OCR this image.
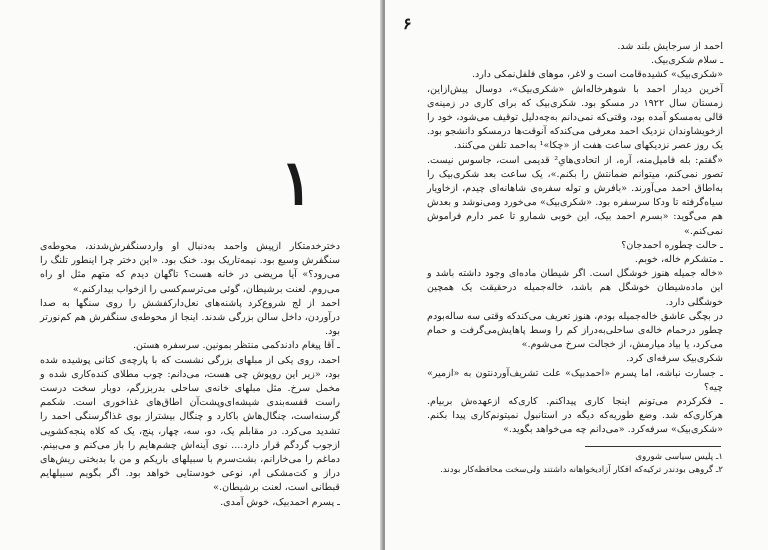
۱

دخترخدمتکار ازپیش واحمد به‌دنبال او واردسنگفرش‌شدند، محوطه‌ی سنگفرش وسیع بود. نیمه‌تاریک بود. خنک بود. «این دختر چرا اینطور تلنگ را می‌رود؟» آیا مریضی در خانه هست؟ تاگهان دیدم که متهم مثل او راه می‌روم. لعنت برشیطان، گوئی می‌ترسم‌کسی را ازخواب بیدارکنم.»

احمد از لج شروع‌کرد پاشنه‌های نعل‌دارکفشش را روی سنگها به صدا درآوردن، داخل سالن بزرگی شدند. اینجا از محوطه‌ی سنگفرش هم کم‌نورتر بود.

ـ آقا پیغام دادندکمی منتظر بمونین. سرسفره هستن.

احمد، روی یکی از مبلهای بزرگی نشست که با پارچه‌ی کتانی پوشیده شده بود، «زیر این روپوش چی هست، می‌دانم: چوب مطلای کنده‌کاری شده و مخمل سرخ. مثل مبلهای خانه‌ی ساحلی بدربزرگم، دوبار سخت درست راست قفسه‌بندی شیشه‌ای‌وپشت‌آن اطاق‌های غذاخوری است. شکمم گرسنه‌است، چنگال‌هاش باکارد و چنگال بیشتراز بوی غذاگرسنگی احمد را تشدید می‌کرد. در مقابلم یک، دو، سه، چهار، پنج، یک که کلاه پنجه‌کشویی ازجوب گردگم قرار دارد.... نوی آینه‌اش چشم‌هایم را باز می‌کنم و می‌بینم. دماغم را می‌خارانم، بشت‌سرم با سبیلهای باریکم و من با بدبختی ریش‌های دراز و کت‌مشکی ام، نوعی خودستایی خواهد بود. اگر بگویم سبیلهایم قبطانی است، لعنت برشیطان.»

ـ پسرم احمدبیک، خوش آمدی.

۶

احمد از سرجایش بلند شد.

ـ سلام شکری‌بیک.

«شکری‌بیک» کشیده‌قامت است و لاغر، موهای فلفل‌نمکی دارد.

آخرین دیدار احمد با شوهرخاله‌اش «شکری‌بیک»، دوسال پیش‌ازاین، زمستان سال ۱۹۲۲ در مسکو بود. شکری‌بیک که برای کاری در زمینه‌ی قالی به‌مسکو آمده بود، وقتی‌که نمی‌دانم به‌چه‌دلیل توقیف می‌شود، خود را ازخویشاوندان نزدیک احمد معرفی می‌کندکه آنوقت‌ها درمسکو دانشجو بود. یک روز عصر نزدیکهای ساعت هفت از «چکا»¹ به‌احمد تلفن می‌کنند.

«گفتم: بله فامیل‌منه، آره، از اتحادی‌هایِ² قدیمی است، جاسوس نیست. تصور نمی‌کنم، میتوانم ضمانتش را بکنم.»، یک ساعت بعد شکری‌بیک را به‌اطاق احمد می‌آورند. «بافرش و توله سفره‌ی شاهانه‌ای چیدم، ازخاویار سیاه‌گرفته تا ودکا سرسفره بود. «شکری‌بیک» می‌خورد و‌می‌نوشد و بعدش هم می‌گوید: «بسرم احمد بیک، این خوبی شمارو تا عمر دارم فراموش نمی‌کنم.»

ـ حالت چطوره احمدجان؟

ـ متشکرم خاله، خوبم.

«خاله جمیله هنوز خوشگل است. اگر شیطان ماده‌ای وجود داشته باشد و این ماده‌شیطان خوشگل هم باشد، خاله‌جمیله درحقیقت یک همچین خوشگلی دارد.

در بچگی عاشق خاله‌جمیله بودم، هنوز تعریف می‌کندکه وقتی سه ساله‌بودم چطور درحمام خاله‌ی ساحلی‌به‌دراز کم را وسط پاهایش‌می‌گرفت و حمام می‌کرد، یا بیاد میارمش، از خجالت سرخ می‌شوم.»

شکری‌بیک سرفه‌ای کرد.

ـ جسارت نباشه، اما پسرم «احمدبیک» علت تشریف‌آوردنتون به «ازمیر» چیه؟

ـ فکرکردم می‌تونم اینجا کاری پیداکنم. کاری‌که ازعهده‌ش بربیام. هرکاری‌که شد. وضع طوریه‌که دیگه در استانبول نمیتونم‌کاری پیدا بکنم. «شکری‌بیک» سرفه‌کرد. «می‌دانم چه می‌خواهد بگوید.»

۱ـ پلیس سیاسی شوروی

۲ـ گروهی بودندر ترکیه‌که افکار آزادیخواهانه داشتند ولی‌سخت محافظه‌کار بودند.
